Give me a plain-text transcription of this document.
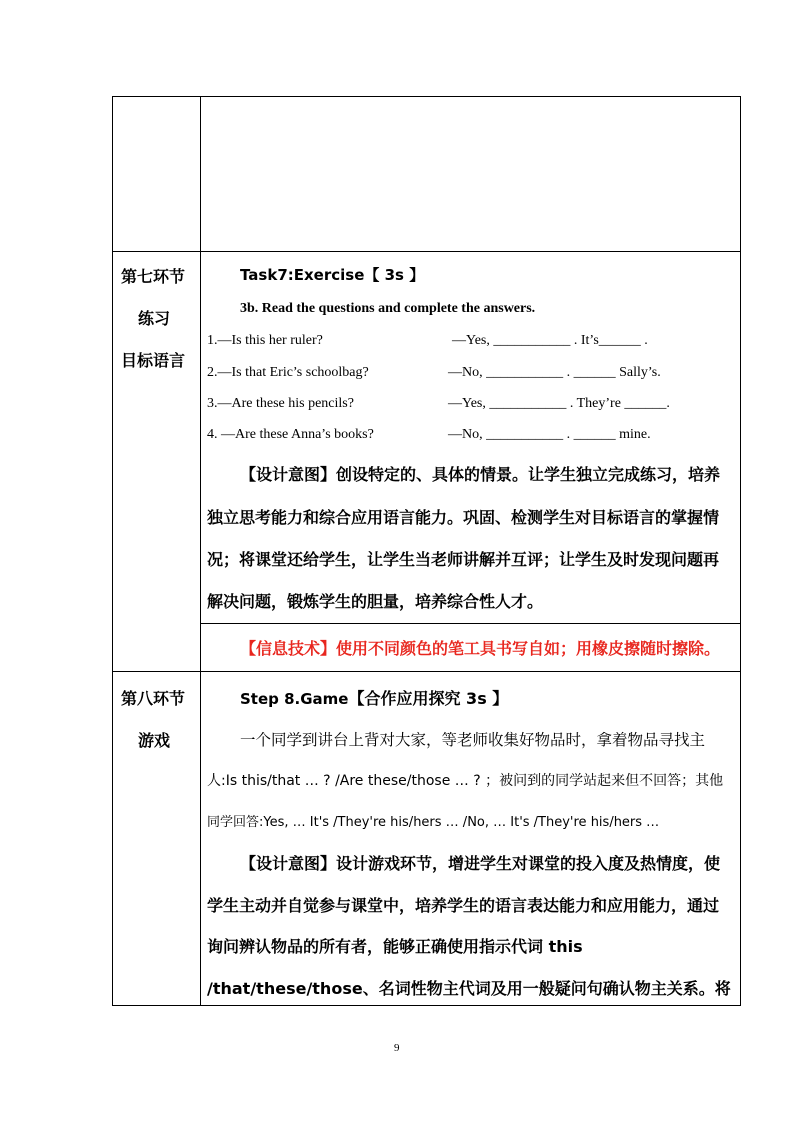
第七环节
练习
目标语言
Task7:Exercise【 3s 】
3b. Read the questions and complete the answers.
1.—Is this her ruler?	—Yes, ___________ . It’s______ .
2.—Is that Eric’s schoolbag?	—No, ___________ . ______ Sally’s.
3.—Are these his pencils?	—Yes, ___________ . They’re ______.
4. —Are these Anna’s books?	—No, ___________ . ______ mine.
【设计意图】创设特定的、具体的情景。让学生独立完成练习，培养
独立思考能力和综合应用语言能力。巩固、检测学生对目标语言的掌握情
况；将课堂还给学生，让学生当老师讲解并互评；让学生及时发现问题再
解决问题，锻炼学生的胆量，培养综合性人才。
【信息技术】使用不同颜色的笔工具书写自如；用橡皮擦随时擦除。
第八环节
游戏
Step 8.Game【合作应用探究 3s 】
一个同学到讲台上背对大家，等老师收集好物品时，拿着物品寻找主
人:Is this/that … ? /Are these/those … ? ；被问到的同学站起来但不回答；其他
同学回答:Yes, … It's /They're his/hers … /No, … It's /They're his/hers …
【设计意图】设计游戏环节，增进学生对课堂的投入度及热情度，使
学生主动并自觉参与课堂中，培养学生的语言表达能力和应用能力，通过
询问辨认物品的所有者，能够正确使用指示代词 this
/that/these/those、名词性物主代词及用一般疑问句确认物主关系。将
9
